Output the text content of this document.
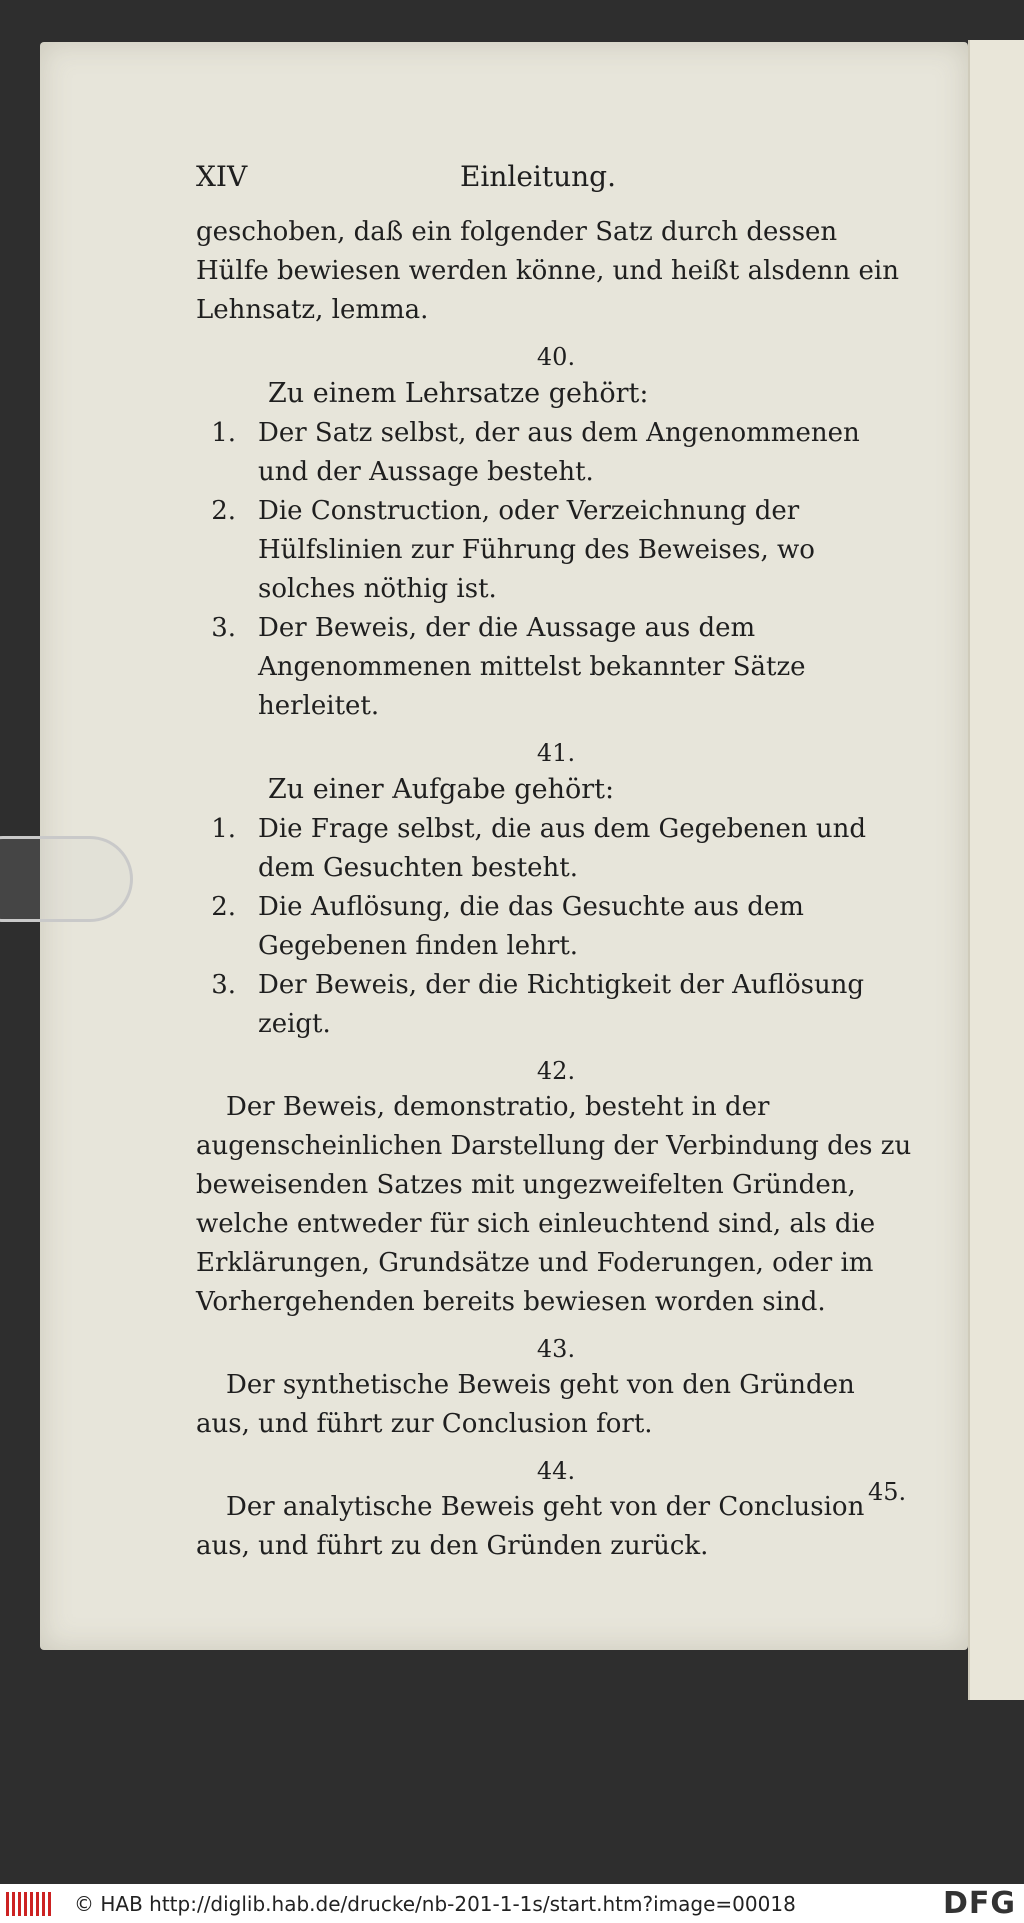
XIV	Einleitung.

geschoben, daß ein folgender Satz durch dessen Hülfe bewiesen werden könne, und heißt alsdenn ein Lehnsatz, lemma.

40.
Zu einem Lehrsatze gehört:
1. Der Satz selbst, der aus dem Angenommenen und der Aussage besteht.
2. Die Construction, oder Verzeichnung der Hülfslinien zur Führung des Beweises, wo solches nöthig ist.
3. Der Beweis, der die Aussage aus dem Angenommenen mittelst bekannter Sätze herleitet.
41.
Zu einer Aufgabe gehört:
1. Die Frage selbst, die aus dem Gegebenen und dem Gesuchten besteht.
2. Die Auflösung, die das Gesuchte aus dem Gegebenen finden lehrt.
3. Der Beweis, der die Richtigkeit der Auflösung zeigt.
42.

Der Beweis, demonstratio, besteht in der augenscheinlichen Darstellung der Verbindung des zu beweisenden Satzes mit ungezweifelten Gründen, welche entweder für sich einleuchtend sind, als die Erklärungen, Grundsätze und Foderungen, oder im Vorhergehenden bereits bewiesen worden sind.

43.

Der synthetische Beweis geht von den Gründen aus, und führt zur Conclusion fort.

44.

Der analytische Beweis geht von der Conclusion aus, und führt zu den Gründen zurück.

45.
© HAB http://diglib.hab.de/drucke/nb-201-1-1s/start.htm?image=00018	DFG
